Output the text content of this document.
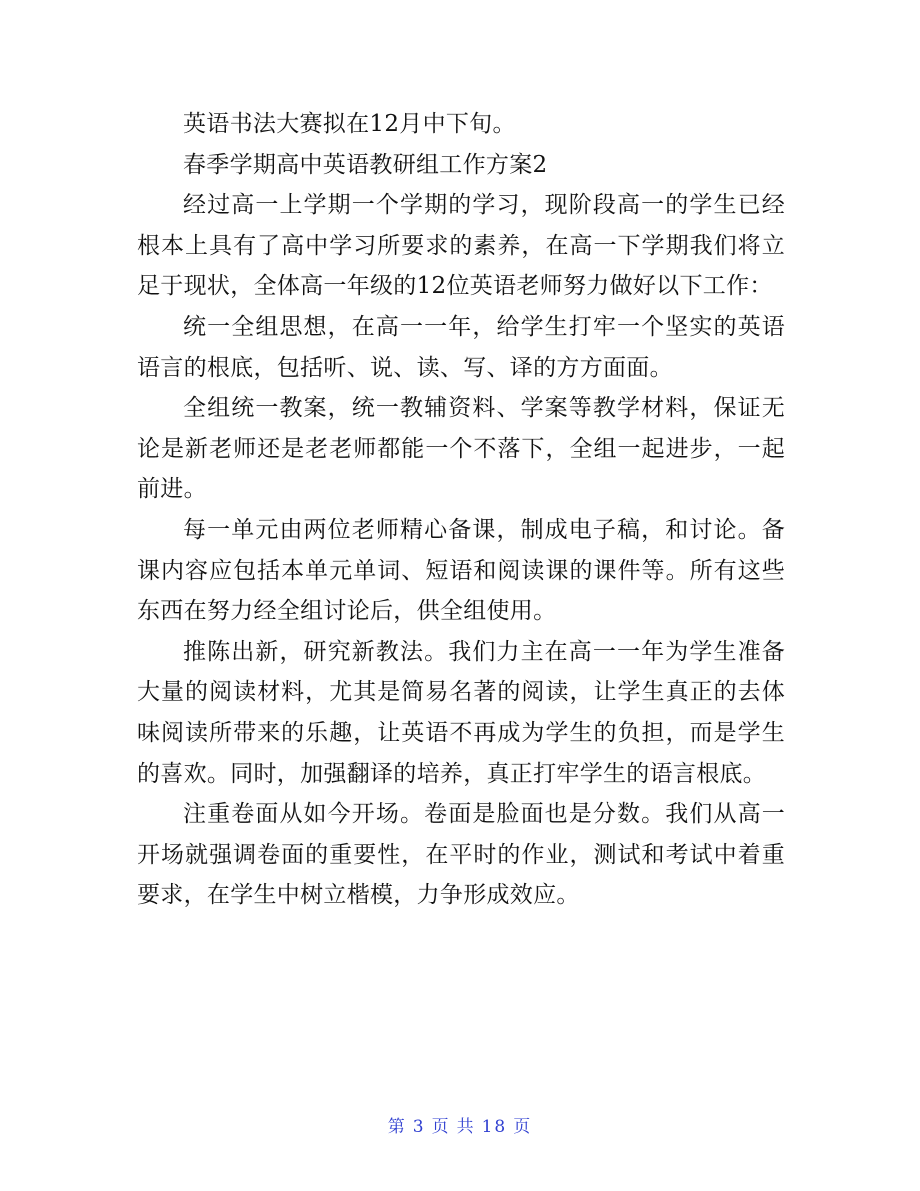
英语书法大赛拟在12月中下旬。

春季学期高中英语教研组工作方案2

经过高一上学期一个学期的学习，现阶段高一的学生已经根本上具有了高中学习所要求的素养，在高一下学期我们将立足于现状，全体高一年级的12位英语老师努力做好以下工作：

统一全组思想，在高一一年，给学生打牢一个坚实的英语语言的根底，包括听、说、读、写、译的方方面面。

全组统一教案，统一教辅资料、学案等教学材料，保证无论是新老师还是老老师都能一个不落下，全组一起进步，一起前进。

每一单元由两位老师精心备课，制成电子稿，和讨论。备课内容应包括本单元单词、短语和阅读课的课件等。所有这些东西在努力经全组讨论后，供全组使用。

推陈出新，研究新教法。我们力主在高一一年为学生准备大量的阅读材料，尤其是简易名著的阅读，让学生真正的去体味阅读所带来的乐趣，让英语不再成为学生的负担，而是学生的喜欢。同时，加强翻译的培养，真正打牢学生的语言根底。

注重卷面从如今开场。卷面是脸面也是分数。我们从高一开场就强调卷面的重要性，在平时的作业，测试和考试中着重要求，在学生中树立楷模，力争形成效应。

第 3 页 共 18 页
